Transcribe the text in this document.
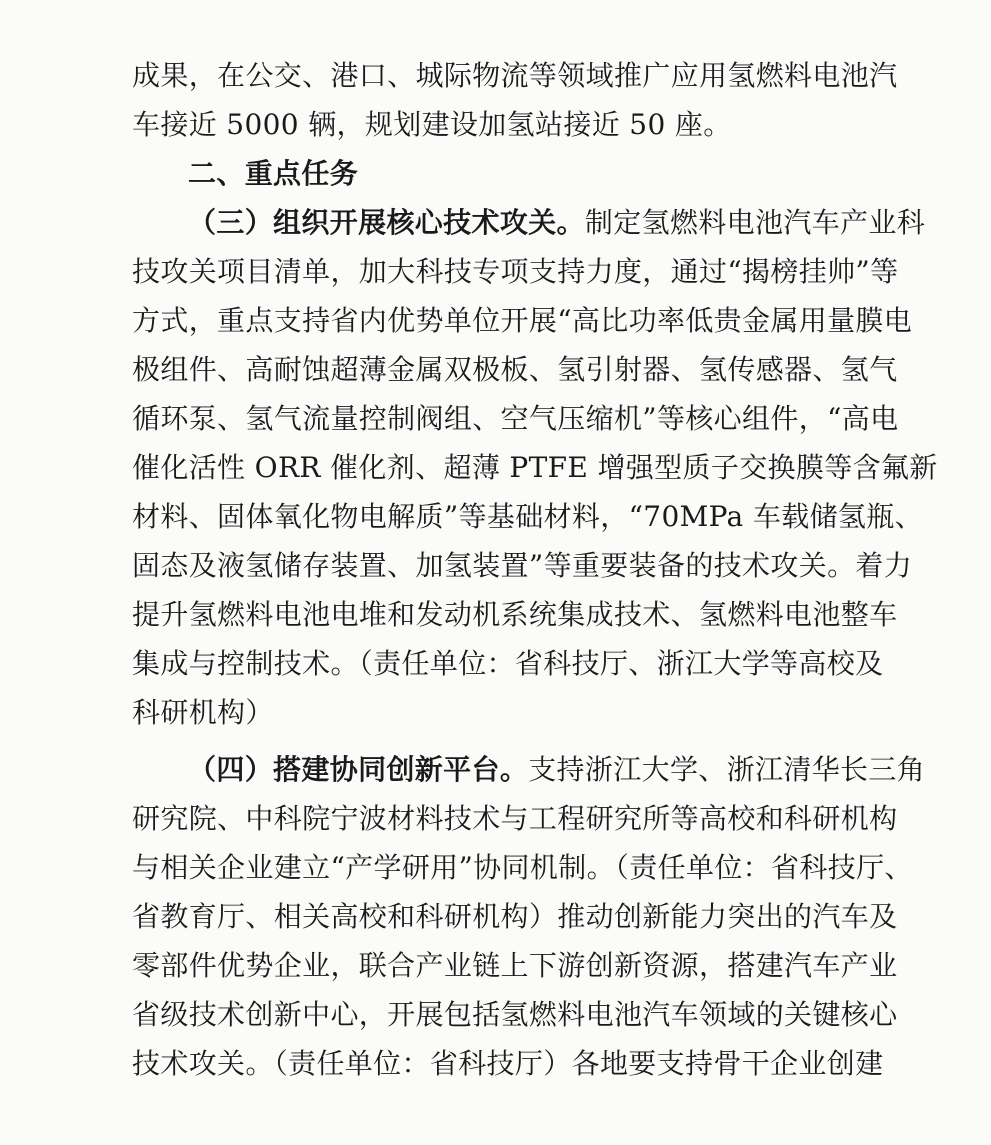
成果，在公交、港口、城际物流等领域推广应用氢燃料电池汽
车接近 5000 辆，规划建设加氢站接近 50 座。
二、重点任务
（三）组织开展核心技术攻关。制定氢燃料电池汽车产业科
技攻关项目清单，加大科技专项支持力度，通过“揭榜挂帅”等
方式，重点支持省内优势单位开展“高比功率低贵金属用量膜电
极组件、高耐蚀超薄金属双极板、氢引射器、氢传感器、氢气
循环泵、氢气流量控制阀组、空气压缩机”等核心组件，“高电
催化活性 ORR 催化剂、超薄 PTFE 增强型质子交换膜等含氟新
材料、固体氧化物电解质”等基础材料，“70MPa 车载储氢瓶、
固态及液氢储存装置、加氢装置”等重要装备的技术攻关。着力
提升氢燃料电池电堆和发动机系统集成技术、氢燃料电池整车
集成与控制技术。（责任单位：省科技厅、浙江大学等高校及
科研机构）
（四）搭建协同创新平台。支持浙江大学、浙江清华长三角
研究院、中科院宁波材料技术与工程研究所等高校和科研机构
与相关企业建立“产学研用”协同机制。（责任单位：省科技厅、
省教育厅、相关高校和科研机构）推动创新能力突出的汽车及
零部件优势企业，联合产业链上下游创新资源，搭建汽车产业
省级技术创新中心，开展包括氢燃料电池汽车领域的关键核心
技术攻关。（责任单位：省科技厅）各地要支持骨干企业创建
